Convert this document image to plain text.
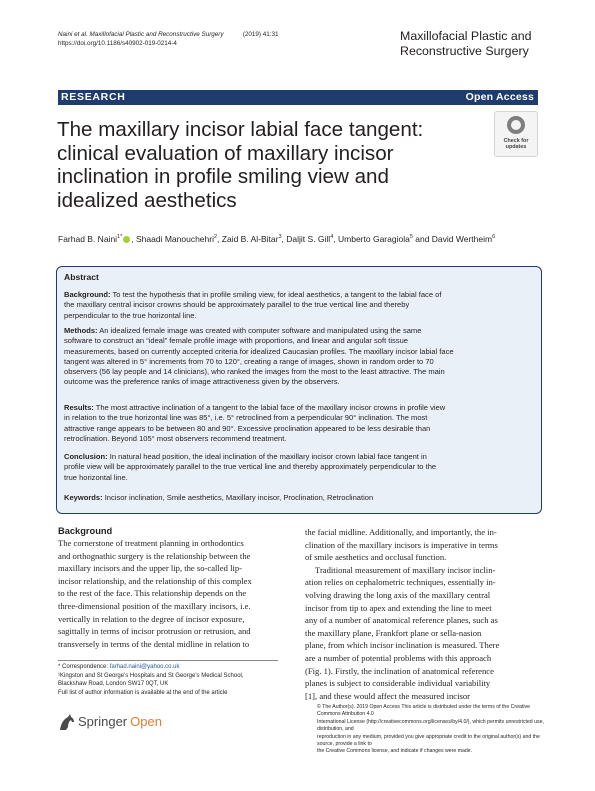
Naini et al. Maxillofacial Plastic and Reconstructive Surgery	(2019) 41:31
https://doi.org/10.1186/s40902-019-0214-4
Maxillofacial Plastic and
Reconstructive Surgery
RESEARCH	Open Access
The maxillary incisor labial face tangent:
clinical evaluation of maxillary incisor
inclination in profile smiling view and
idealized aesthetics
Check for
updates
Farhad B. Naini$^{1*}$ , Shaadi Manouchehri$^2$, Zaid B. Al-Bitar$^3$, Daljit S. Gill$^4$, Umberto Garagiola$^5$ and David Wertheim$^6$
Abstract
Background: To test the hypothesis that in profile smiling view, for ideal aesthetics, a tangent to the labial face of
the maxillary central incisor crowns should be approximately parallel to the true vertical line and thereby
perpendicular to the true horizontal line.
Methods: An idealized female image was created with computer software and manipulated using the same
software to construct an “ideal” female profile image with proportions, and linear and angular soft tissue
measurements, based on currently accepted criteria for idealized Caucasian profiles. The maxillary incisor labial face
tangent was altered in 5° increments from 70 to 120°, creating a range of images, shown in random order to 70
observers (56 lay people and 14 clinicians), who ranked the images from the most to the least attractive. The main
outcome was the preference ranks of image attractiveness given by the observers.
Results: The most attractive inclination of a tangent to the labial face of the maxillary incisor crowns in profile view
in relation to the true horizontal line was 85°, i.e. 5° retroclined from a perpendicular 90° inclination. The most
attractive range appears to be between 80 and 90°. Excessive proclination appeared to be less desirable than
retroclination. Beyond 105° most observers recommend treatment.
Conclusion: In natural head position, the ideal inclination of the maxillary incisor crown labial face tangent in
profile view will be approximately parallel to the true vertical line and thereby approximately perpendicular to the
true horizontal line.
Keywords: Incisor inclination, Smile aesthetics, Maxillary incisor, Proclination, Retroclination
Background
The cornerstone of treatment planning in orthodontics
and orthognathic surgery is the relationship between the
maxillary incisors and the upper lip, the so-called lip-
incisor relationship, and the relationship of this complex
to the rest of the face. This relationship depends on the
three-dimensional position of the maxillary incisors, i.e.
vertically in relation to the degree of incisor exposure,
sagittally in terms of incisor protrusion or retrusion, and
transversely in terms of the dental midline in relation to
the facial midline. Additionally, and importantly, the in-
clination of the maxillary incisors is imperative in terms
of smile aesthetics and occlusal function.
Traditional measurement of maxillary incisor inclin-
ation relies on cephalometric techniques, essentially in-
volving drawing the long axis of the maxillary central
incisor from tip to apex and extending the line to meet
any of a number of anatomical reference planes, such as
the maxillary plane, Frankfort plane or sella-nasion
plane, from which incisor inclination is measured. There
are a number of potential problems with this approach
(Fig. 1). Firstly, the inclination of anatomical reference
planes is subject to considerable individual variability
[1], and these would affect the measured incisor
* Correspondence: farhad.naini@yahoo.co.uk
¹Kingston and St George’s Hospitals and St George’s Medical School,
Blackshaw Road, London SW17 0QT, UK
Full list of author information is available at the end of the article
Springer Open
© The Author(s). 2019 Open Access This article is distributed under the terms of the Creative Commons Attribution 4.0
International License (http://creativecommons.org/licenses/by/4.0/), which permits unrestricted use, distribution, and
reproduction in any medium, provided you give appropriate credit to the original author(s) and the source, provide a link to
the Creative Commons license, and indicate if changes were made.
